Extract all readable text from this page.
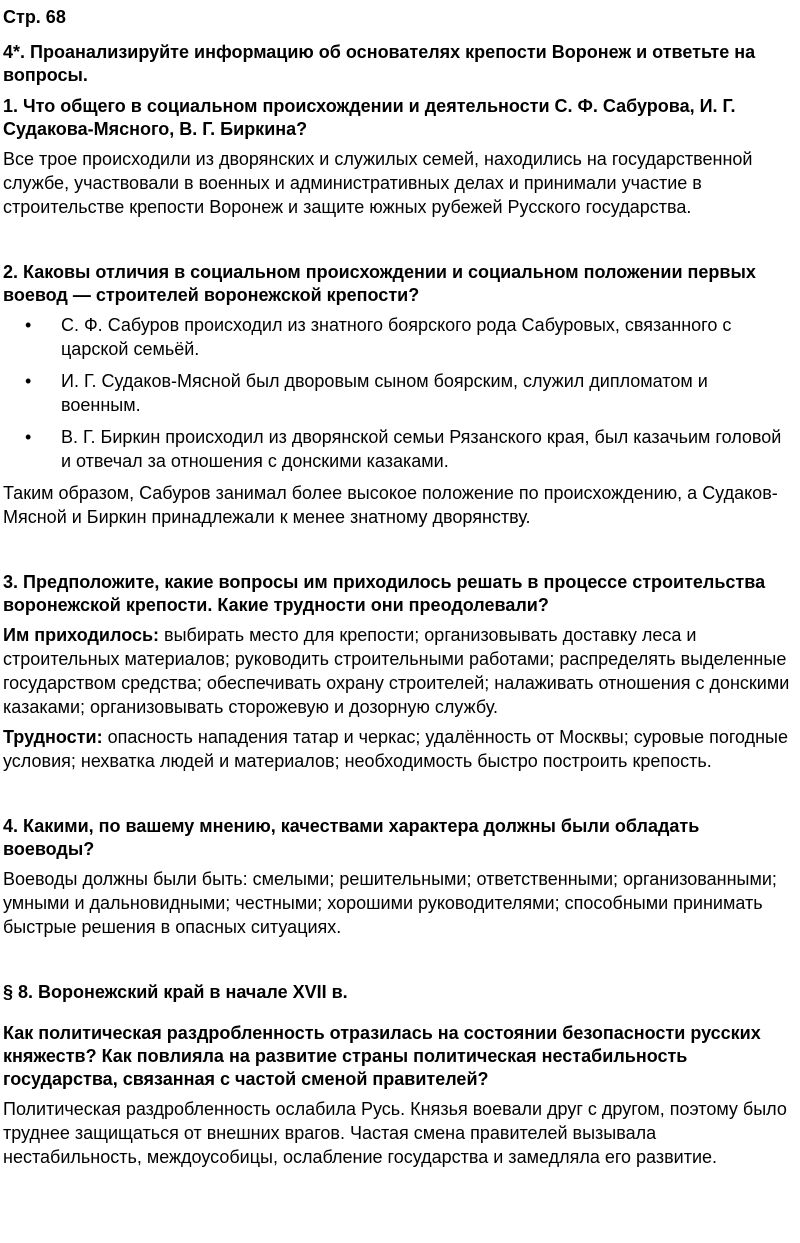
Стр. 68
4*. Проанализируйте информацию об основателях крепости Воронеж и ответьте на вопросы.
1. Что общего в социальном происхождении и деятельности С. Ф. Сабурова, И. Г. Судакова-Мясного, В. Г. Биркина?
Все трое происходили из дворянских и служилых семей, находились на государственной службе, участвовали в военных и административных делах и принимали участие в строительстве крепости Воронеж и защите южных рубежей Русского государства.
2. Каковы отличия в социальном происхождении и социальном положении первых воевод — строителей воронежской крепости?
• С. Ф. Сабуров происходил из знатного боярского рода Сабуровых, связанного с царской семьёй.
• И. Г. Судаков-Мясной был дворовым сыном боярским, служил дипломатом и военным.
• В. Г. Биркин происходил из дворянской семьи Рязанского края, был казачьим головой и отвечал за отношения с донскими казаками.
Таким образом, Сабуров занимал более высокое положение по происхождению, а Судаков-Мясной и Биркин принадлежали к менее знатному дворянству.
3. Предположите, какие вопросы им приходилось решать в процессе строительства воронежской крепости. Какие трудности они преодолевали?
Им приходилось: выбирать место для крепости; организовывать доставку леса и строительных материалов; руководить строительными работами; распределять выделенные государством средства; обеспечивать охрану строителей; налаживать отношения с донскими казаками; организовывать сторожевую и дозорную службу.
Трудности: опасность нападения татар и черкас; удалённость от Москвы; суровые погодные условия; нехватка людей и материалов; необходимость быстро построить крепость.
4. Какими, по вашему мнению, качествами характера должны были обладать воеводы?
Воеводы должны были быть: смелыми; решительными; ответственными; организованными; умными и дальновидными; честными; хорошими руководителями; способными принимать быстрые решения в опасных ситуациях.
§ 8. Воронежский край в начале XVII в.
Как политическая раздробленность отразилась на состоянии безопасности русских княжеств? Как повлияла на развитие страны политическая нестабильность государства, связанная с частой сменой правителей?
Политическая раздробленность ослабила Русь. Князья воевали друг с другом, поэтому было труднее защищаться от внешних врагов. Частая смена правителей вызывала нестабильность, междоусобицы, ослабление государства и замедляла его развитие.
